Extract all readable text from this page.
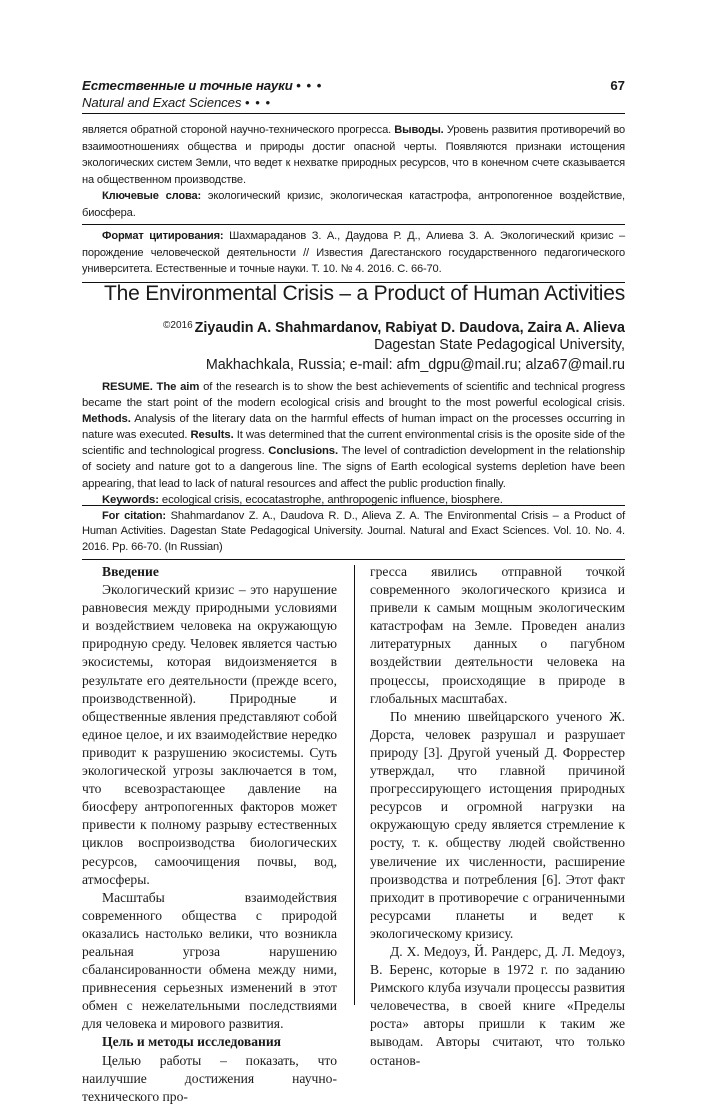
Естественные и точные науки • • •
Natural and Exact Sciences • • •
67

является обратной стороной научно-технического прогресса. Выводы. Уровень развития противоречий во взаимоотношениях общества и природы достиг опасной черты. Появляются признаки истощения экологических систем Земли, что ведет к нехватке природных ресурсов, что в конечном счете сказывается на общественном производстве.

Ключевые слова: экологический кризис, экологическая катастрофа, антропогенное воздействие, биосфера.

Формат цитирования: Шахмараданов З. А., Даудова Р. Д., Алиева З. А. Экологический кризис – порождение человеческой деятельности // Известия Дагестанского государственного педагогического университета. Естественные и точные науки. Т. 10. № 4. 2016. С. 66-70.

The Environmental Crisis – a Product of Human Activities
$^{©2016}$ Ziyaudin A. Shahmardanov, Rabiyat D. Daudova, Zaira A. Alieva
Dagestan State Pedagogical University,
Makhachkala, Russia; e-mail: afm_dgpu@mail.ru; alza67@mail.ru

RESUME. The aim of the research is to show the best achievements of scientific and technical progress became the start point of the modern ecological crisis and brought to the most powerful ecological crisis. Methods. Analysis of the literary data on the harmful effects of human impact on the processes occurring in nature was executed. Results. It was determined that the current environmental crisis is the oposite side of the scientific and technological progress. Conclusions. The level of contradiction development in the relationship of society and nature got to a dangerous line. The signs of Earth ecological systems depletion have been appearing, that lead to lack of natural resources and affect the public production finally.

Keywords: ecological crisis, ecocatastrophe, anthropogenic influence, biosphere.

For citation: Shahmardanov Z. A., Daudova R. D., Alieva Z. A. The Environmental Crisis – a Product of Human Activities. Dagestan State Pedagogical University. Journal. Natural and Exact Sciences. Vol. 10. No. 4. 2016. Pp. 66-70. (In Russian)

Введение

Экологический кризис – это нарушение равновесия между природными условиями и воздействием человека на окружающую природную среду. Человек является частью экосистемы, которая видоизменяется в результате его деятельности (прежде всего, производственной). Природные и общественные явления представляют собой единое целое, и их взаимодействие нередко приводит к разрушению экосистемы. Суть экологической угрозы заключается в том, что всевозрастающее давление на биосферу антропогенных факторов может привести к полному разрыву естественных циклов воспроизводства биологических ресурсов, самоочищения почвы, вод, атмосферы.

Масштабы взаимодействия современного общества с природой оказались настолько велики, что возникла реальная угроза нарушению сбалансированности обмена между ними, привнесения серьезных изменений в этот обмен с нежелательными последствиями для человека и мирового развития.

Цель и методы исследования

Целью работы – показать, что наилучшие достижения научно-технического про-

гресса явились отправной точкой современного экологического кризиса и привели к самым мощным экологическим катастрофам на Земле. Проведен анализ литературных данных о пагубном воздействии деятельности человека на процессы, происходящие в природе в глобальных масштабах.

По мнению швейцарского ученого Ж. Дорста, человек разрушал и разрушает природу [3]. Другой ученый Д. Форрестер утверждал, что главной причиной прогрессирующего истощения природных ресурсов и огромной нагрузки на окружающую среду является стремление к росту, т. к. обществу людей свойственно увеличение их численности, расширение производства и потребления [6]. Этот факт приходит в противоречие с ограниченными ресурсами планеты и ведет к экологическому кризису.

Д. Х. Медоуз, Й. Рандерс, Д. Л. Медоуз, В. Беренс, которые в 1972 г. по заданию Римского клуба изучали процессы развития человечества, в своей книге «Пределы роста» авторы пришли к таким же выводам. Авторы считают, что только останов-
